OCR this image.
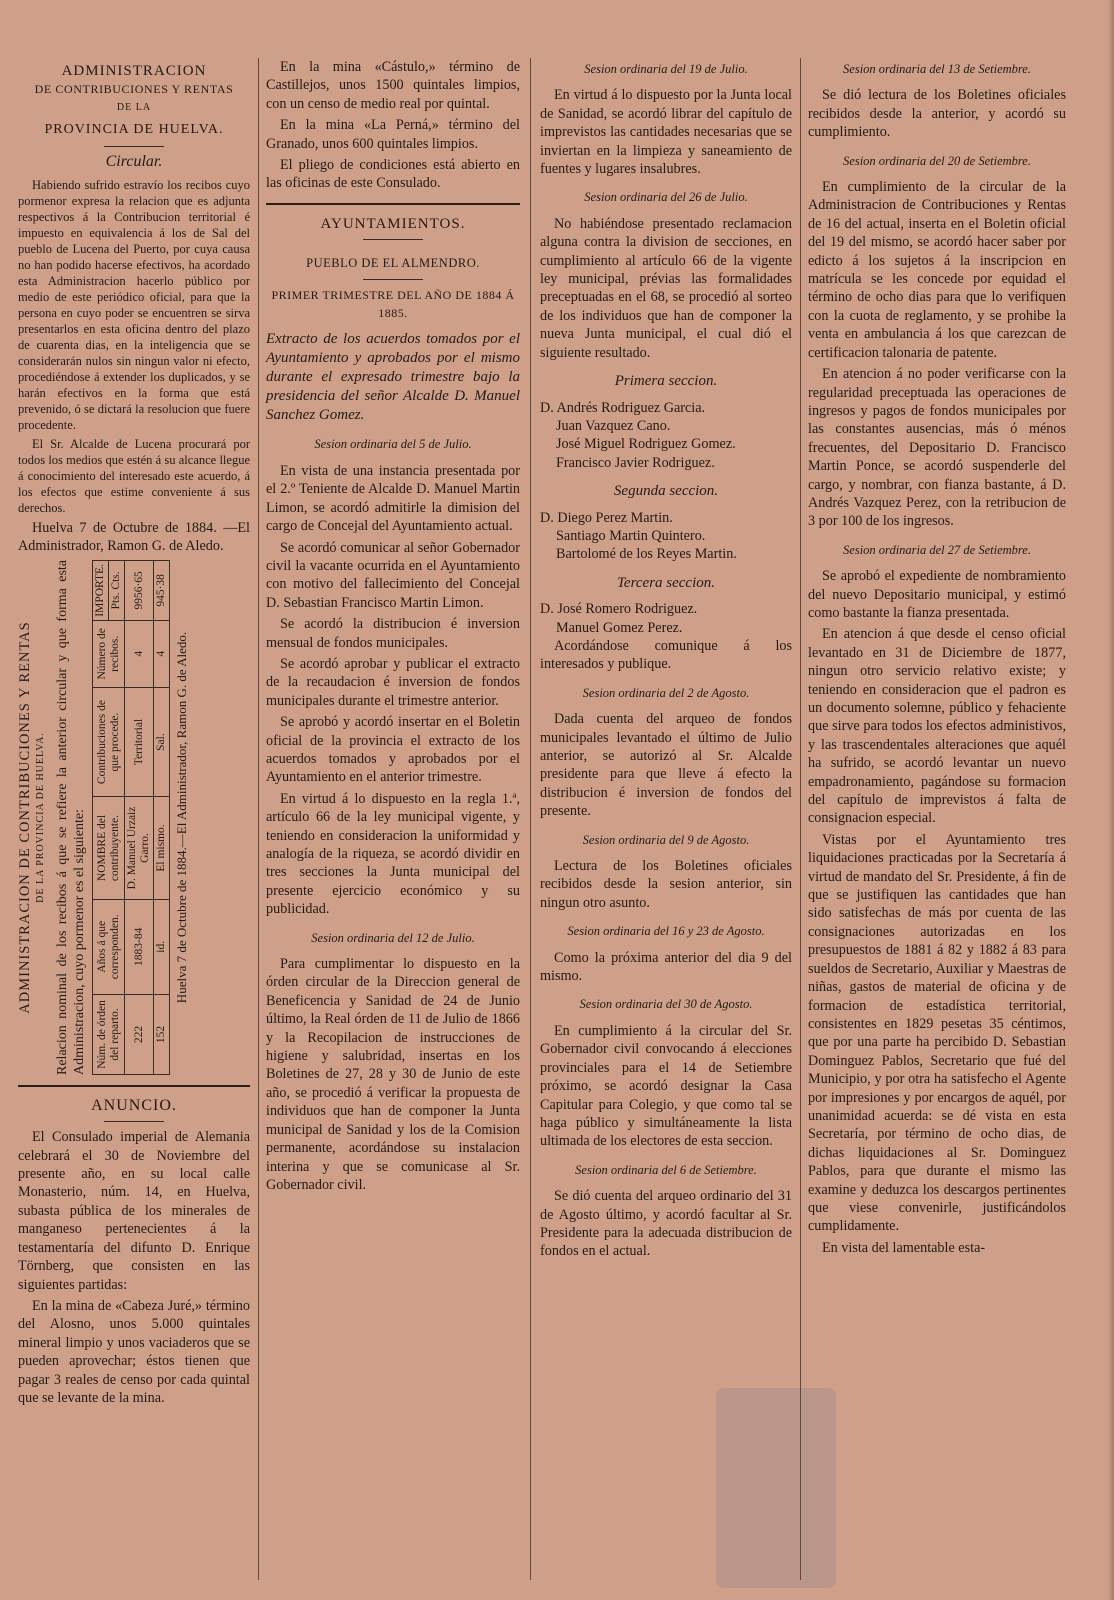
ADMINISTRACION
DE CONTRIBUCIONES Y RENTAS
DE LA
PROVINCIA DE HUELVA.
Circular.

Habiendo sufrido estravío los recibos cuyo pormenor expresa la relacion que es adjunta respectivos á la Contribucion territorial é impuesto en equivalencia á los de Sal del pueblo de Lucena del Puerto, por cuya causa no han podido hacerse efectivos, ha acordado esta Administracion hacerlo público por medio de este periódico oficial, para que la persona en cuyo poder se encuentren se sirva presentarlos en esta oficina dentro del plazo de cuarenta dias, en la inteligencia que se considerarán nulos sin ningun valor ni efecto, procediéndose á extender los duplicados, y se harán efectivos en la forma que está prevenido, ó se dictará la resolucion que fuere procedente.

El Sr. Alcalde de Lucena procurará por todos los medios que estén á su alcance llegue á conocimiento del interesado este acuerdo, á los efectos que estime conveniente á sus derechos.

Huelva 7 de Octubre de 1884. —El Administrador, Ramon G. de Aledo.

ADMINISTRACION DE CONTRIBUCIONES Y RENTAS DE LA PROVINCIA DE HUELVA. Relacion nominal de los recibos á que se refiere la anterior circular y que forma esta Administracion, cuyo pormenor es el siguiente: Núm. de órden del reparto.	Años á que corresponden.	NOMBRE del contribuyente.	Contribuciones de que procede.	Número de recibos.	IMPORTE.
					Pts. Cts.
222	1883-84	D. Manuel Urzaiz Garro.	Territorial	4	9956·65
152	id.	El mismo.	Sal.	4	945·38
Huelva 7 de Octubre de 1884.—El Administrador, Ramon G. de Aledo.
ANUNCIO.

El Consulado imperial de Alemania celebrará el 30 de Noviembre del presente año, en su local calle Monasterio, núm. 14, en Huelva, subasta pública de los minerales de manganeso pertenecientes á la testamentaría del difunto D. Enrique Törnberg, que consisten en las siguientes partidas:

En la mina de «Cabeza Juré,» término del Alosno, unos 5.000 quintales mineral limpio y unos vaciaderos que se pueden aprovechar; éstos tienen que pagar 3 reales de censo por cada quintal que se levante de la mina.

En la mina «Cástulo,» término de Castillejos, unos 1500 quintales limpios, con un censo de medio real por quintal.

En la mina «La Perná,» término del Granado, unos 600 quintales limpios.

El pliego de condiciones está abierto en las oficinas de este Consulado.

AYUNTAMIENTOS.
PUEBLO DE EL ALMENDRO.

PRIMER TRIMESTRE DEL AÑO DE 1884 Á 1885.

Extracto de los acuerdos tomados por el Ayuntamiento y aprobados por el mismo durante el expresado trimestre bajo la presidencia del señor Alcalde D. Manuel Sanchez Gomez.

Sesion ordinaria del 5 de Julio.

En vista de una instancia presentada por el 2.º Teniente de Alcalde D. Manuel Martin Limon, se acordó admitirle la dimision del cargo de Concejal del Ayuntamiento actual.

Se acordó comunicar al señor Gobernador civil la vacante ocurrida en el Ayuntamiento con motivo del fallecimiento del Concejal D. Sebastian Francisco Martin Limon.

Se acordó la distribucion é inversion mensual de fondos municipales.

Se acordó aprobar y publicar el extracto de la recaudacion é inversion de fondos municipales durante el trimestre anterior.

Se aprobó y acordó insertar en el Boletin oficial de la provincia el extracto de los acuerdos tomados y aprobados por el Ayuntamiento en el anterior trimestre.

En virtud á lo dispuesto en la regla 1.ª, artículo 66 de la ley municipal vigente, y teniendo en consideracion la uniformidad y analogía de la riqueza, se acordó dividir en tres secciones la Junta municipal del presente ejercicio económico y su publicidad.

Sesion ordinaria del 12 de Julio.

Para cumplimentar lo dispuesto en la órden circular de la Direccion general de Beneficencia y Sanidad de 24 de Junio último, la Real órden de 11 de Julio de 1866 y la Recopilacion de instrucciones de higiene y salubridad, insertas en los Boletines de 27, 28 y 30 de Junio de este año, se procedió á verificar la propuesta de individuos que han de componer la Junta municipal de Sanidad y los de la Comision permanente, acordándose su instalacion interina y que se comunicase al Sr. Gobernador civil.

Sesion ordinaria del 19 de Julio.

En virtud á lo dispuesto por la Junta local de Sanidad, se acordó librar del capítulo de imprevistos las cantidades necesarias que se inviertan en la limpieza y saneamiento de fuentes y lugares insalubres.

Sesion ordinaria del 26 de Julio.

No habiéndose presentado reclamacion alguna contra la division de secciones, en cumplimiento al artículo 66 de la vigente ley municipal, prévias las formalidades preceptuadas en el 68, se procedió al sorteo de los individuos que han de componer la nueva Junta municipal, el cual dió el siguiente resultado.

Primera seccion.

D. Andrés Rodriguez Garcia.
Juan Vazquez Cano.
José Miguel Rodriguez Gomez.
Francisco Javier Rodriguez.

Segunda seccion.

D. Diego Perez Martin.
Santiago Martin Quintero.
Bartolomé de los Reyes Martin.

Tercera seccion.

D. José Romero Rodriguez.
Manuel Gomez Perez.

Acordándose comunique á los interesados y publique.

Sesion ordinaria del 2 de Agosto.

Dada cuenta del arqueo de fondos municipales levantado el último de Julio anterior, se autorizó al Sr. Alcalde presidente para que lleve á efecto la distribucion é inversion de fondos del presente.

Sesion ordinaria del 9 de Agosto.

Lectura de los Boletines oficiales recibidos desde la sesion anterior, sin ningun otro asunto.

Sesion ordinaria del 16 y 23 de Agosto.

Como la próxima anterior del dia 9 del mismo.

Sesion ordinaria del 30 de Agosto.

En cumplimiento á la circular del Sr. Gobernador civil convocando á elecciones provinciales para el 14 de Setiembre próximo, se acordó designar la Casa Capitular para Colegio, y que como tal se haga público y simultáneamente la lista ultimada de los electores de esta seccion.

Sesion ordinaria del 6 de Setiembre.

Se dió cuenta del arqueo ordinario del 31 de Agosto último, y acordó facultar al Sr. Presidente para la adecuada distribucion de fondos en el actual.

Sesion ordinaria del 13 de Setiembre.

Se dió lectura de los Boletines oficiales recibidos desde la anterior, y acordó su cumplimiento.

Sesion ordinaria del 20 de Setiembre.

En cumplimiento de la circular de la Administracion de Contribuciones y Rentas de 16 del actual, inserta en el Boletin oficial del 19 del mismo, se acordó hacer saber por edicto á los sujetos á la inscripcion en matrícula se les concede por equidad el término de ocho dias para que lo verifiquen con la cuota de reglamento, y se prohibe la venta en ambulancia á los que carezcan de certificacion talonaria de patente.

En atencion á no poder verificarse con la regularidad preceptuada las operaciones de ingresos y pagos de fondos municipales por las constantes ausencias, más ó ménos frecuentes, del Depositario D. Francisco Martin Ponce, se acordó suspenderle del cargo, y nombrar, con fianza bastante, á D. Andrés Vazquez Perez, con la retribucion de 3 por 100 de los ingresos.

Sesion ordinaria del 27 de Setiembre.

Se aprobó el expediente de nombramiento del nuevo Depositario municipal, y estimó como bastante la fianza presentada.

En atencion á que desde el censo oficial levantado en 31 de Diciembre de 1877, ningun otro servicio relativo existe; y teniendo en consideracion que el padron es un documento solemne, público y fehaciente que sirve para todos los efectos administivos, y las trascendentales alteraciones que aquél ha sufrido, se acordó levantar un nuevo empadronamiento, pagándose su formacion del capítulo de imprevistos á falta de consignacion especial.

Vistas por el Ayuntamiento tres liquidaciones practicadas por la Secretaría á virtud de mandato del Sr. Presidente, á fin de que se justifiquen las cantidades que han sido satisfechas de más por cuenta de las consignaciones autorizadas en los presupuestos de 1881 á 82 y 1882 á 83 para sueldos de Secretario, Auxiliar y Maestras de niñas, gastos de material de oficina y de formacion de estadística territorial, consistentes en 1829 pesetas 35 céntimos, que por una parte ha percibido D. Sebastian Dominguez Pablos, Secretario que fué del Municipio, y por otra ha satisfecho el Agente por impresiones y por encargos de aquél, por unanimidad acuerda: se dé vista en esta Secretaría, por término de ocho dias, de dichas liquidaciones al Sr. Dominguez Pablos, para que durante el mismo las examine y deduzca los descargos pertinentes que viese convenirle, justificándolos cumplidamente.

En vista del lamentable esta-
